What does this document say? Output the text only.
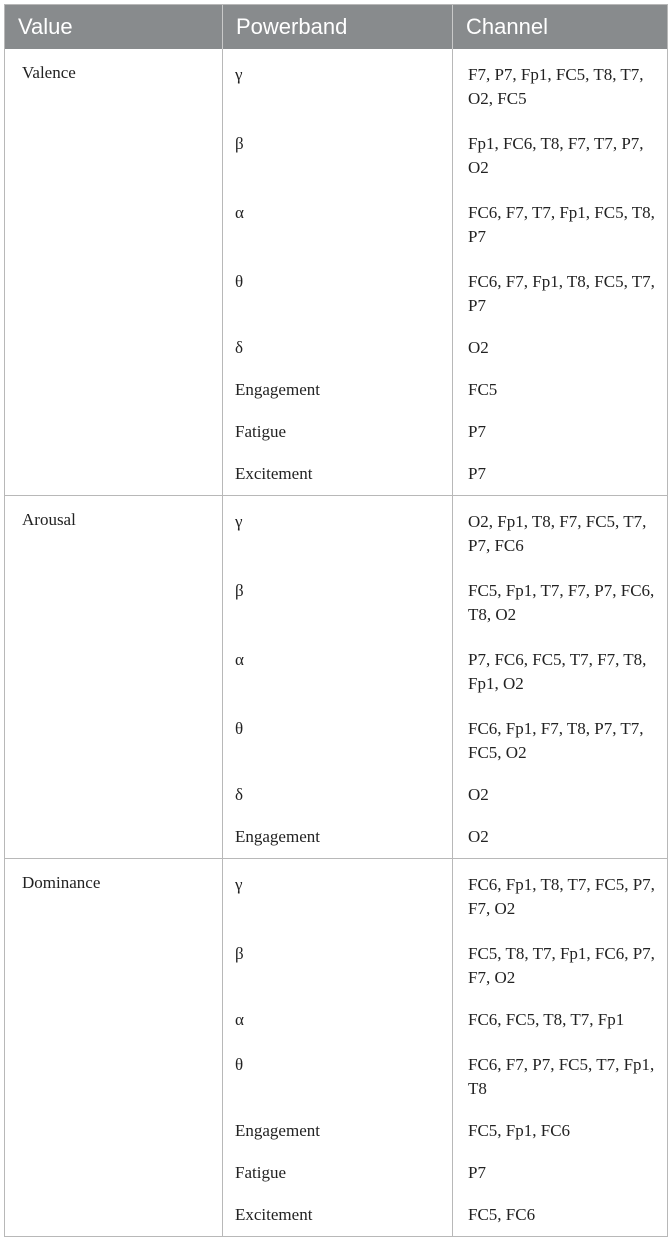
Value	Powerband	Channel
Valence	γ	F7, P7, Fp1, FC5, T8, T7, O2, FC5
β	Fp1, FC6, T8, F7, T7, P7, O2
α	FC6, F7, T7, Fp1, FC5, T8, P7
θ	FC6, F7, Fp1, T8, FC5, T7, P7
δ	O2
Engagement	FC5
Fatigue	P7
Excitement	P7
Arousal	γ	O2, Fp1, T8, F7, FC5, T7, P7, FC6
β	FC5, Fp1, T7, F7, P7, FC6, T8, O2
α	P7, FC6, FC5, T7, F7, T8, Fp1, O2
θ	FC6, Fp1, F7, T8, P7, T7, FC5, O2
δ	O2
Engagement	O2
Dominance	γ	FC6, Fp1, T8, T7, FC5, P7, F7, O2
β	FC5, T8, T7, Fp1, FC6, P7, F7, O2
α	FC6, FC5, T8, T7, Fp1
θ	FC6, F7, P7, FC5, T7, Fp1, T8
Engagement	FC5, Fp1, FC6
Fatigue	P7
Excitement	FC5, FC6
